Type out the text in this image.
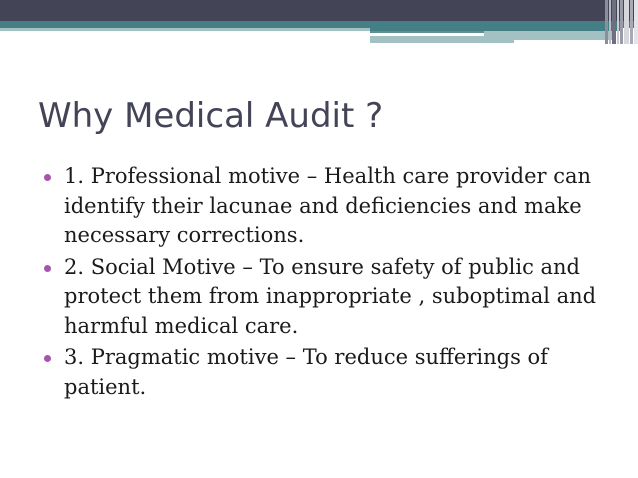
Why Medical Audit ?
1. Professional motive – Health care provider can identify their lacunae and deficiencies and make necessary corrections.
2. Social Motive – To ensure safety of public and protect them from inappropriate , suboptimal and harmful medical care.
3. Pragmatic motive – To reduce sufferings of patient.
